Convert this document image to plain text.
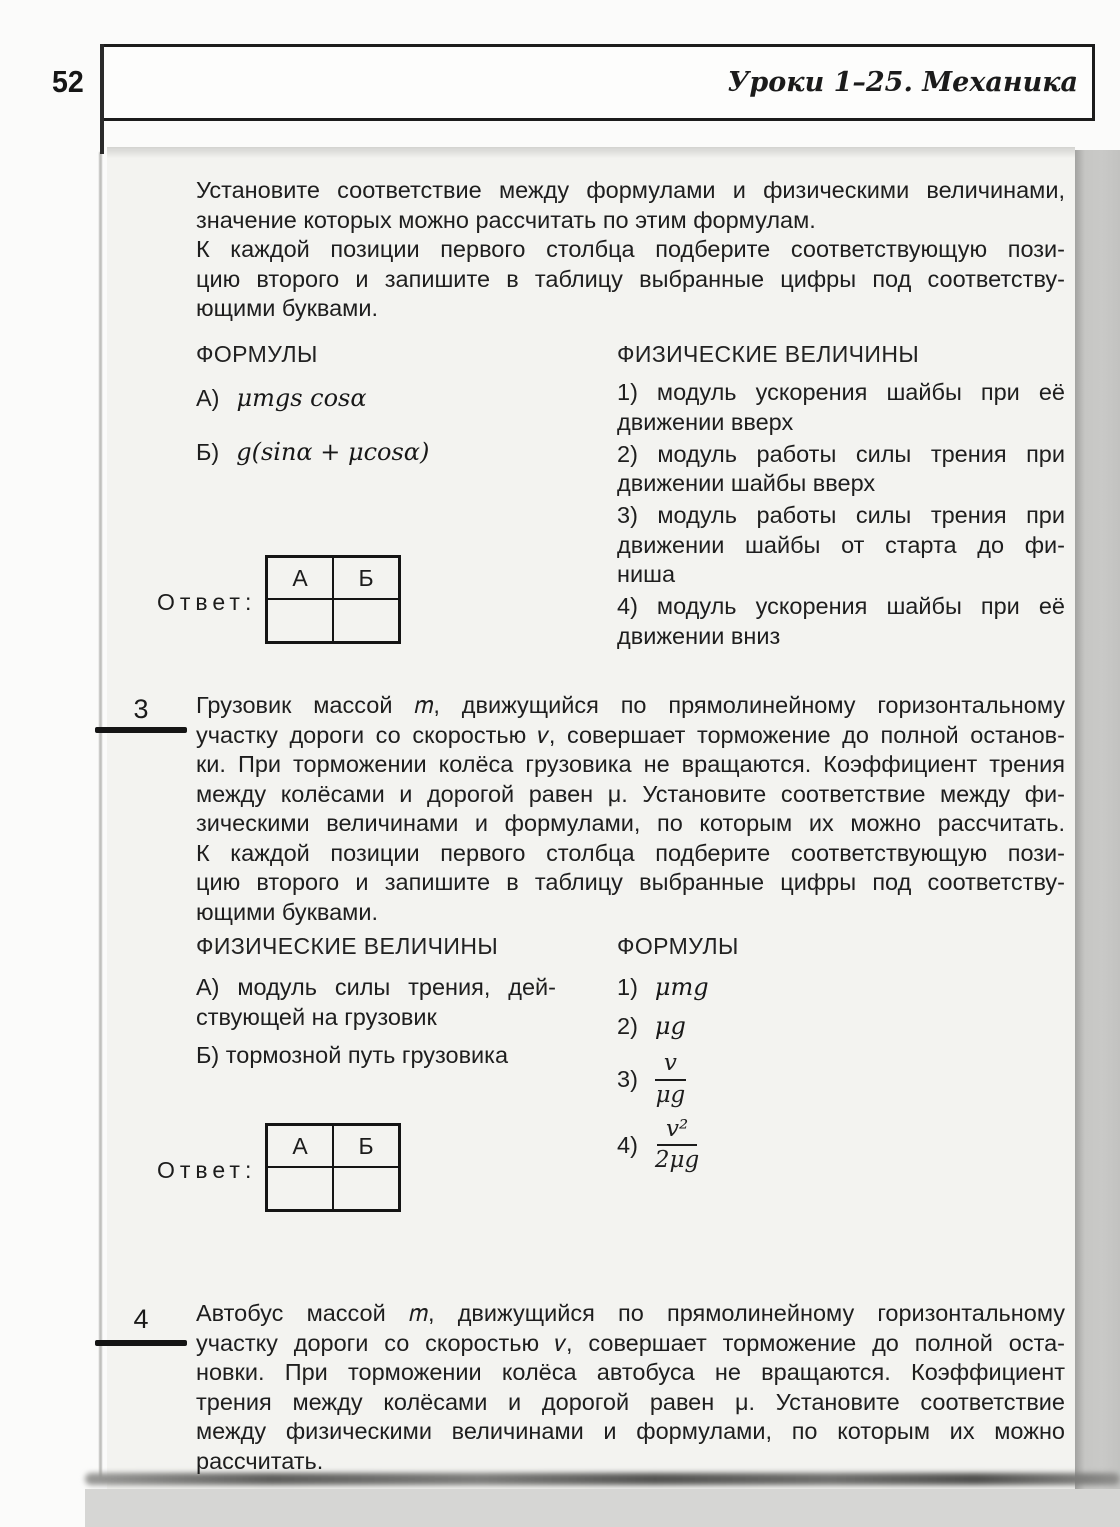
52	Уроки 1–25. Механика
Установите соответствие между формулами и физическими величинами,
значение которых можно рассчитать по этим формулам.
К каждой позиции первого столбца подберите соответствующую пози-
цию второго и запишите в таблицу выбранные цифры под соответству-
ющими буквами.
ФОРМУЛЫ	ФИЗИЧЕСКИЕ ВЕЛИЧИНЫ
А) μmgs cosα
Б) g(sinα + μcosα)
1) модуль ускорения шайбы при её
движении вверх
2) модуль работы силы трения при
движении шайбы вверх
3) модуль работы силы трения при
движении шайбы от старта до фи-
ниша
4) модуль ускорения шайбы при её
движении вниз
Ответ:
А	Б

3	Грузовик массой 𝑚, движущийся по прямолинейному горизонтальному
участку дороги со скоростью 𝑣, совершает торможение до полной останов-
ки. При торможении колёса грузовика не вращаются. Коэффициент трения
между колёсами и дорогой равен μ. Установите соответствие между фи-
зическими величинами и формулами, по которым их можно рассчитать.
К каждой позиции первого столбца подберите соответствующую пози-
цию второго и запишите в таблицу выбранные цифры под соответству-
ющими буквами.
ФИЗИЧЕСКИЕ ВЕЛИЧИНЫ	ФОРМУЛЫ
А) модуль силы трения, дей-
ствующей на грузовик
Б) тормозной путь грузовика
1) μmg
2) μg
$3) \frac{v}{\mu g}$
$4) \frac{\text{v²}}{2\mu g}$
Ответ:
А	Б

4	Автобус массой 𝑚, движущийся по прямолинейному горизонтальному
участку дороги со скоростью 𝑣, совершает торможение до полной оста-
новки. При торможении колёса автобуса не вращаются. Коэффициент
трения между колёсами и дорогой равен μ. Установите соответствие
между физическими величинами и формулами, по которым их можно
рассчитать.
